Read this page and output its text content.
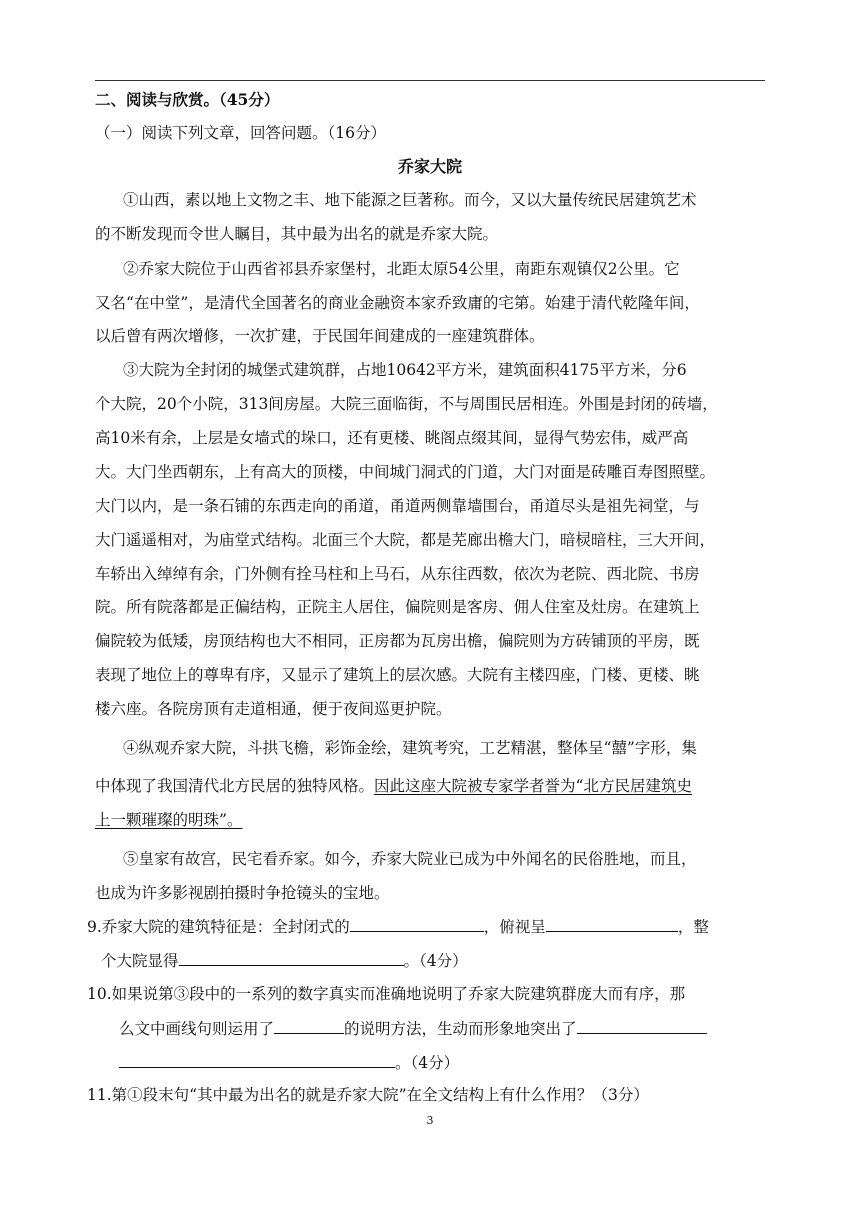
二、阅读与欣赏。（45分）
（一）阅读下列文章，回答问题。（16分）
乔家大院
①山西，素以地上文物之丰、地下能源之巨著称。而今，又以大量传统民居建筑艺术
的不断发现而令世人瞩目，其中最为出名的就是乔家大院。
②乔家大院位于山西省祁县乔家堡村，北距太原54公里，南距东观镇仅2公里。它
又名“在中堂”，是清代全国著名的商业金融资本家乔致庸的宅第。始建于清代乾隆年间，
以后曾有两次增修，一次扩建，于民国年间建成的一座建筑群体。
③大院为全封闭的城堡式建筑群，占地10642平方米，建筑面积4175平方米，分6
个大院，20个小院，313间房屋。大院三面临街，不与周围民居相连。外围是封闭的砖墙，
高10米有余，上层是女墙式的垛口，还有更楼、眺阁点缀其间，显得气势宏伟，威严高
大。大门坐西朝东，上有高大的顶楼，中间城门洞式的门道，大门对面是砖雕百寿图照壁。
大门以内，是一条石铺的东西走向的甬道，甬道两侧靠墙围台，甬道尽头是祖先祠堂，与
大门遥遥相对，为庙堂式结构。北面三个大院，都是芜廊出檐大门，暗棂暗柱，三大开间，
车轿出入绰绰有余，门外侧有拴马柱和上马石，从东往西数，依次为老院、西北院、书房
院。所有院落都是正偏结构，正院主人居住，偏院则是客房、佣人住室及灶房。在建筑上
偏院较为低矮，房顶结构也大不相同，正房都为瓦房出檐，偏院则为方砖铺顶的平房，既
表现了地位上的尊卑有序，又显示了建筑上的层次感。大院有主楼四座，门楼、更楼、眺
楼六座。各院房顶有走道相通，便于夜间巡更护院。
④纵观乔家大院，斗拱飞檐，彩饰金绘，建筑考究，工艺精湛，整体呈“囍”字形，集
中体现了我国清代北方民居的独特风格。因此这座大院被专家学者誉为“北方民居建筑史
上一颗璀璨的明珠”。
⑤皇家有故宫，民宅看乔家。如今，乔家大院业已成为中外闻名的民俗胜地，而且，
也成为许多影视剧拍摄时争抢镜头的宝地。
9.乔家大院的建筑特征是：全封闭式的	，俯视呈	，整
个大院显得	。（4分）
10.如果说第③段中的一系列的数字真实而准确地说明了乔家大院建筑群庞大而有序，那
么文中画线句则运用了	的说明方法，生动而形象地突出了
。（4分）
11.第①段末句“其中最为出名的就是乔家大院”在全文结构上有什么作用？（3分）
3
